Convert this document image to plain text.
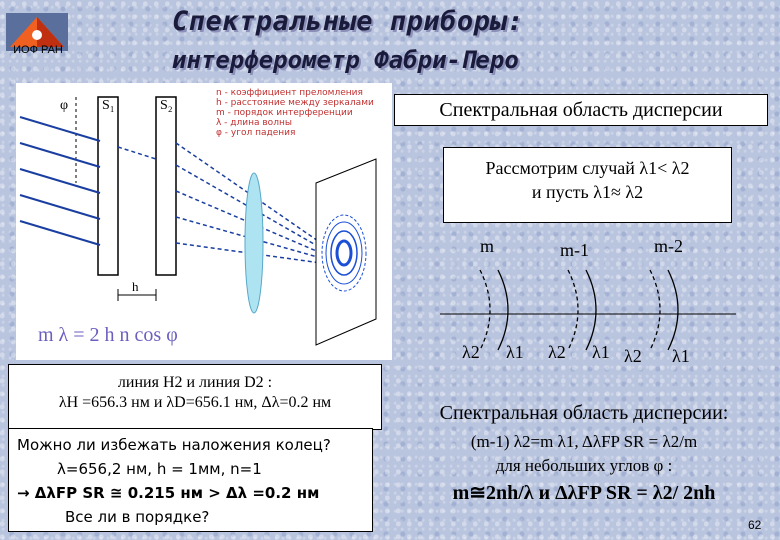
ИОФ РАН
Спектральные приборы:
интерферометр Фабри-Перо
φ S₁	S₂
h
n - коэффициент преломления
h - расстояние между зеркалами
m - порядок интерференции
λ - длина волны
φ - угол падения
m λ = 2 h n cos φ
Спектральная область дисперсии
Рассмотрим случай λ1< λ2
и пусть λ1≈ λ2
m	m-1	m-2
λ2 λ1 λ2 λ1 λ2 λ1
линия H2 и линия D2 :
λH =656.3 нм и λD=656.1 нм, Δλ=0.2 нм
Можно ли избежать наложения колец?
λ=656,2 нм, h = 1мм, n=1
→ ΔλFP SR ≅ 0.215 нм > Δλ =0.2 нм
Все ли в порядке?
Спектральная область дисперсии:
(m-1) λ2=m λ1, ΔλFP SR = λ2/m
для небольших углов φ :
m≅2nh/λ и ΔλFP SR = λ2/ 2nh
62
